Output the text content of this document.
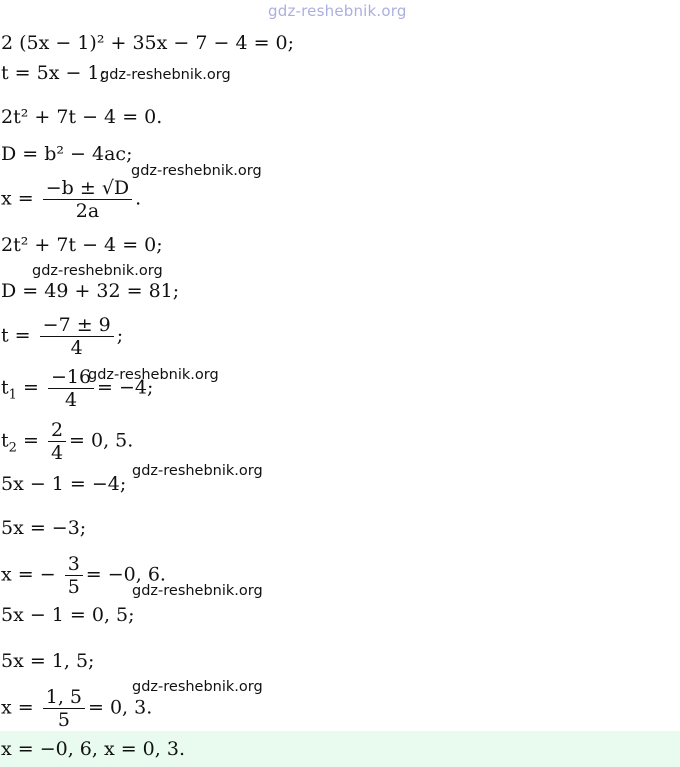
gdz-reshebnik.org
2 (5x − 1)² + 35x − 7 − 4 = 0;
t = 5x − 1;
2t² + 7t − 4 = 0.
D = b² − 4ac;
$x = \frac{-b \pm √D}{2a}$ .
2t² + 7t − 4 = 0;
D = 49 + 32 = 81;
$t = \frac{-7 \pm 9}{4}$ ;
$t_1 = \frac{-16}{4} = -4$;
$t_2 = \frac{2}{4} = 0$, 5.
5x − 1 = −4;
5x = −3;
x = − $\frac{3}{5} = -0$, 6.
5x − 1 = 0, 5;
5x = 1, 5;
$x = \frac{1, 5}{5} = 0$, 3.
x = −0, 6, x = 0, 3.
gdz-reshebnik.org
gdz-reshebnik.org
gdz-reshebnik.org
gdz-reshebnik.org
gdz-reshebnik.org
gdz-reshebnik.org
gdz-reshebnik.org
